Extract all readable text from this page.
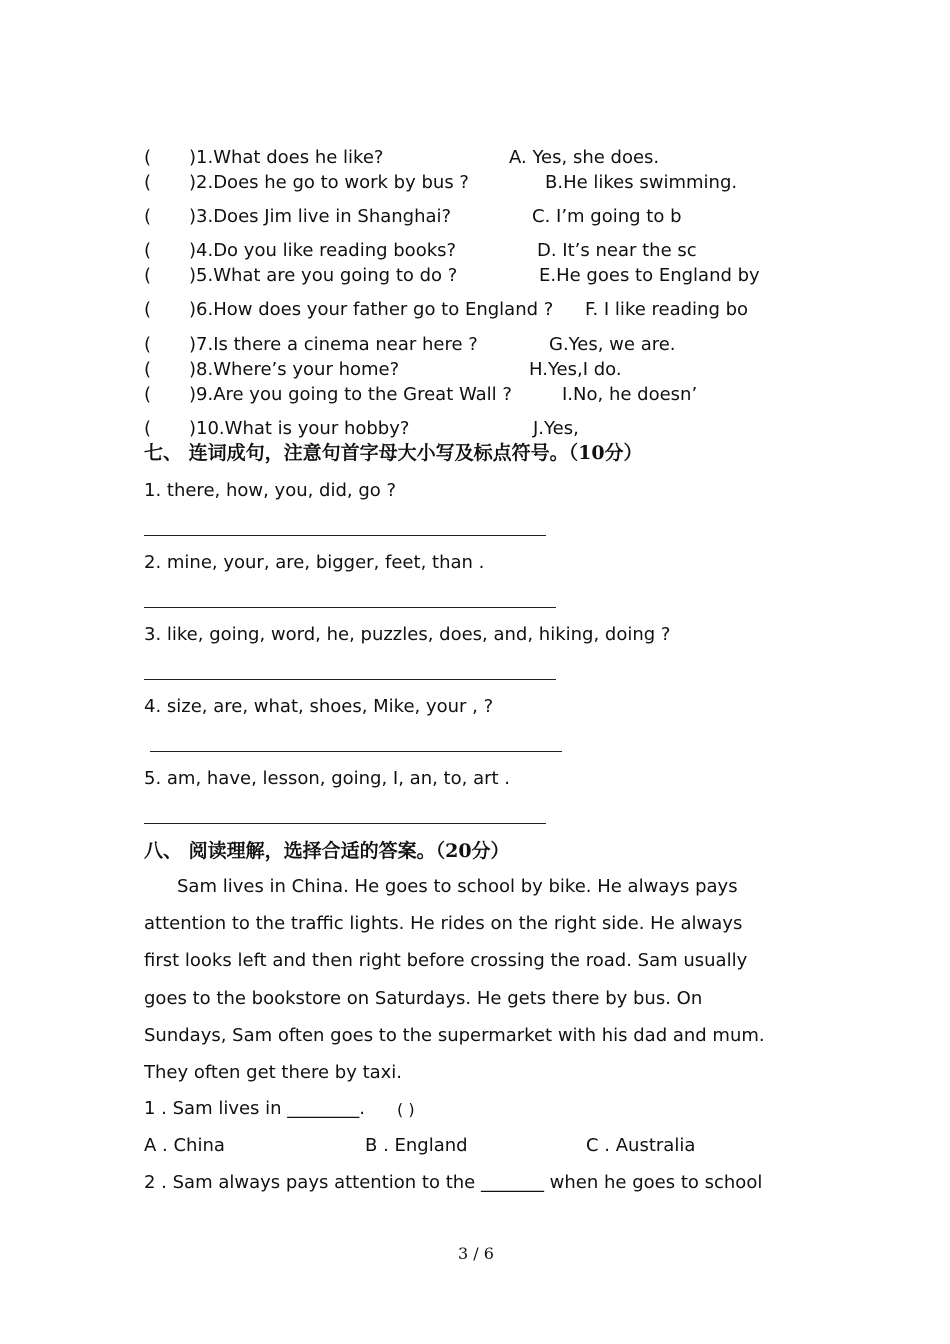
( )1.What does he like?	A. Yes, she does.
( )2.Does he go to work by bus ?	B.He likes swimming.
( )3.Does Jim live in Shanghai?	C. I’m going to b
( )4.Do you like reading books?	D. It’s near the sc
( )5.What are you going to do ?	E.He goes to England by
( )6.How does your father go to England ? F. I like reading bo
( )7.Is there a cinema near here ?	G.Yes, we are.
( )8.Where’s your home?	H.Yes,I do.
( )9.Are you going to the Great Wall ?	I.No, he doesn’
( )10.What is your hobby?	J.Yes,
七、 连词成句，注意句首字母大小写及标点符号。（10分）
1. there, how, you, did, go ?
2. mine, your, are, bigger, feet, than .
3. like, going, word, he, puzzles, does, and, hiking, doing ?
4. size, are, what, shoes, Mike, your , ?
5. am, have, lesson, going, I, an, to, art .
八、 阅读理解，选择合适的答案。（20分）
Sam lives in China. He goes to school by bike. He always pays
attention to the traffic lights. He rides on the right side. He always
first looks left and then right before crossing the road. Sam usually
goes to the bookstore on Saturdays. He gets there by bus. On
Sundays, Sam often goes to the supermarket with his dad and mum.
They often get there by taxi.
1 . Sam lives in ________. ( )
A . China	B . England	C . Australia
2 . Sam always pays attention to the _______ when he goes to school
3 / 6
